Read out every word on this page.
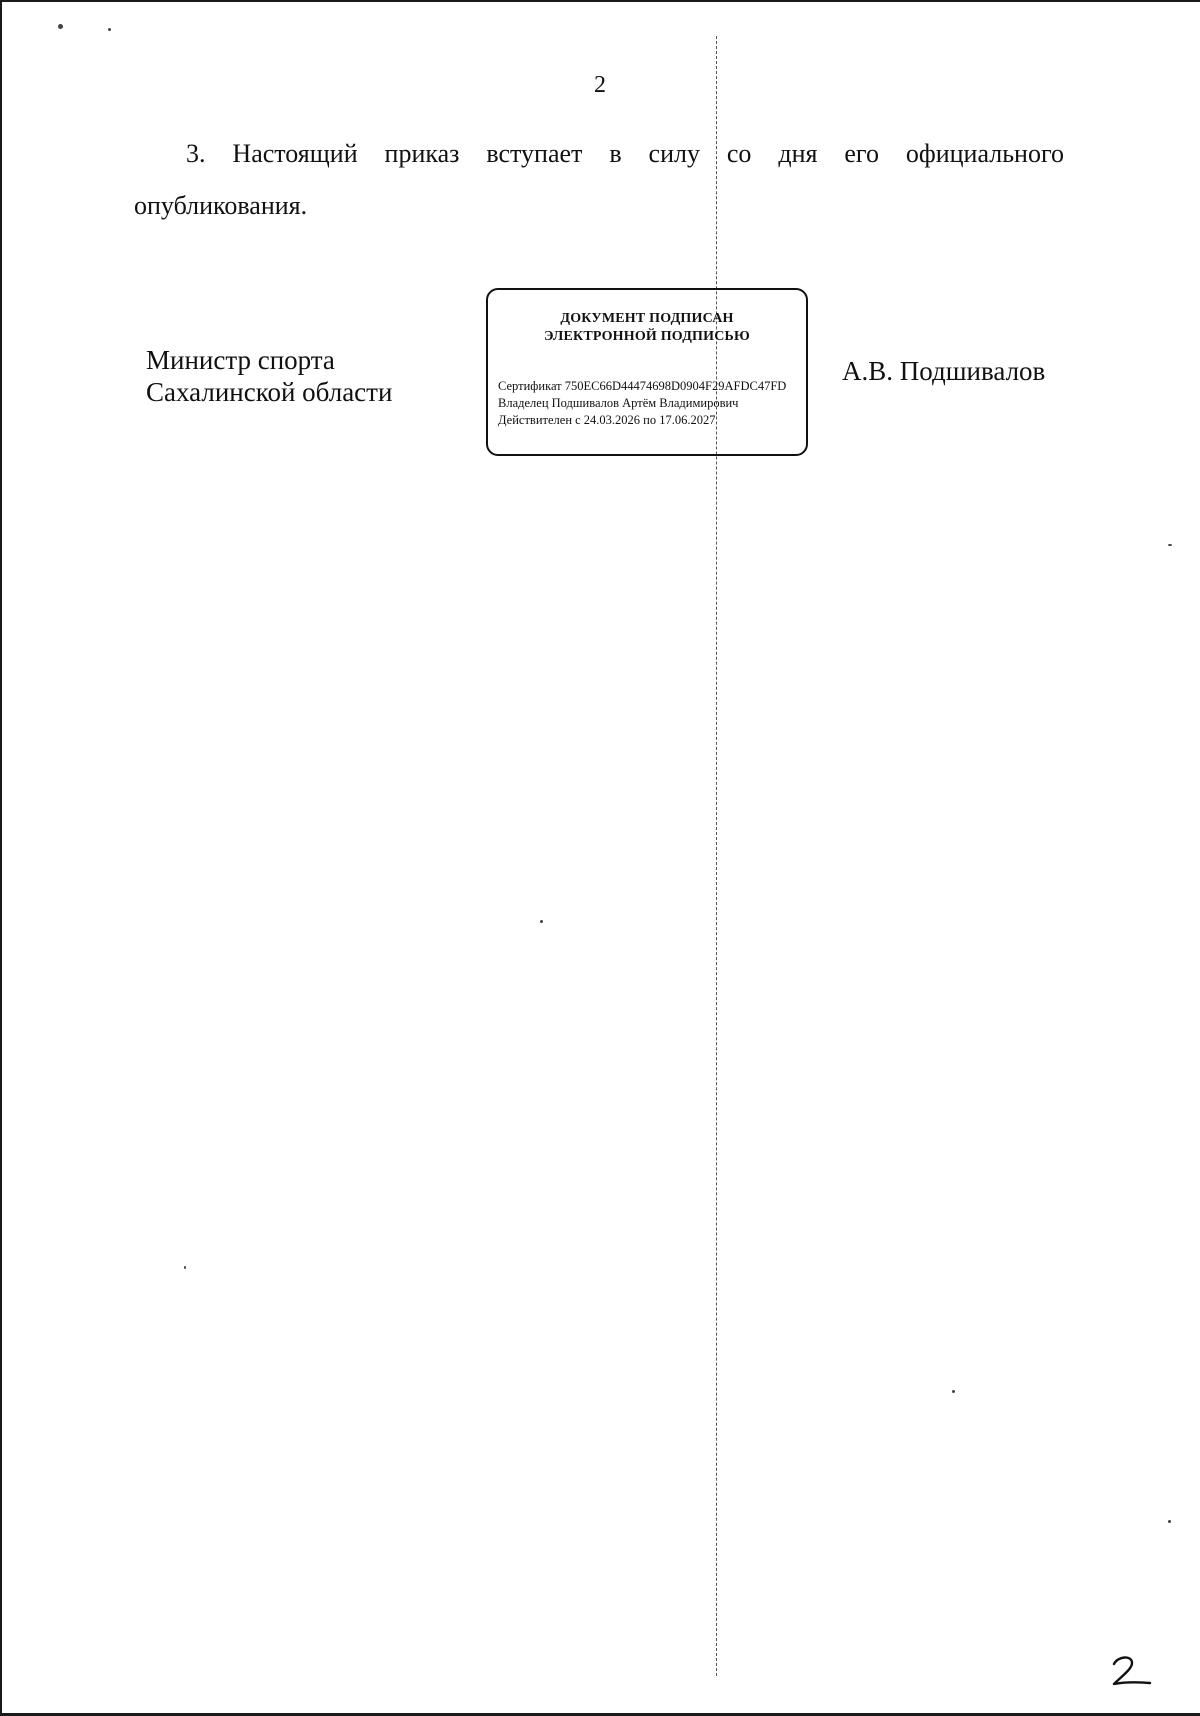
2

3. Настоящий приказ вступает в силу со дня его официального опубликования.

Министр спорта
Сахалинской области
ДОКУМЕНТ ПОДПИСАН
ЭЛЕКТРОННОЙ ПОДПИСЬЮ
Сертификат 750EC66D44474698D0904F29AFDC47FD
Владелец Подшивалов Артём Владимирович
Действителен с 24.03.2026 по 17.06.2027
А.В. Подшивалов
